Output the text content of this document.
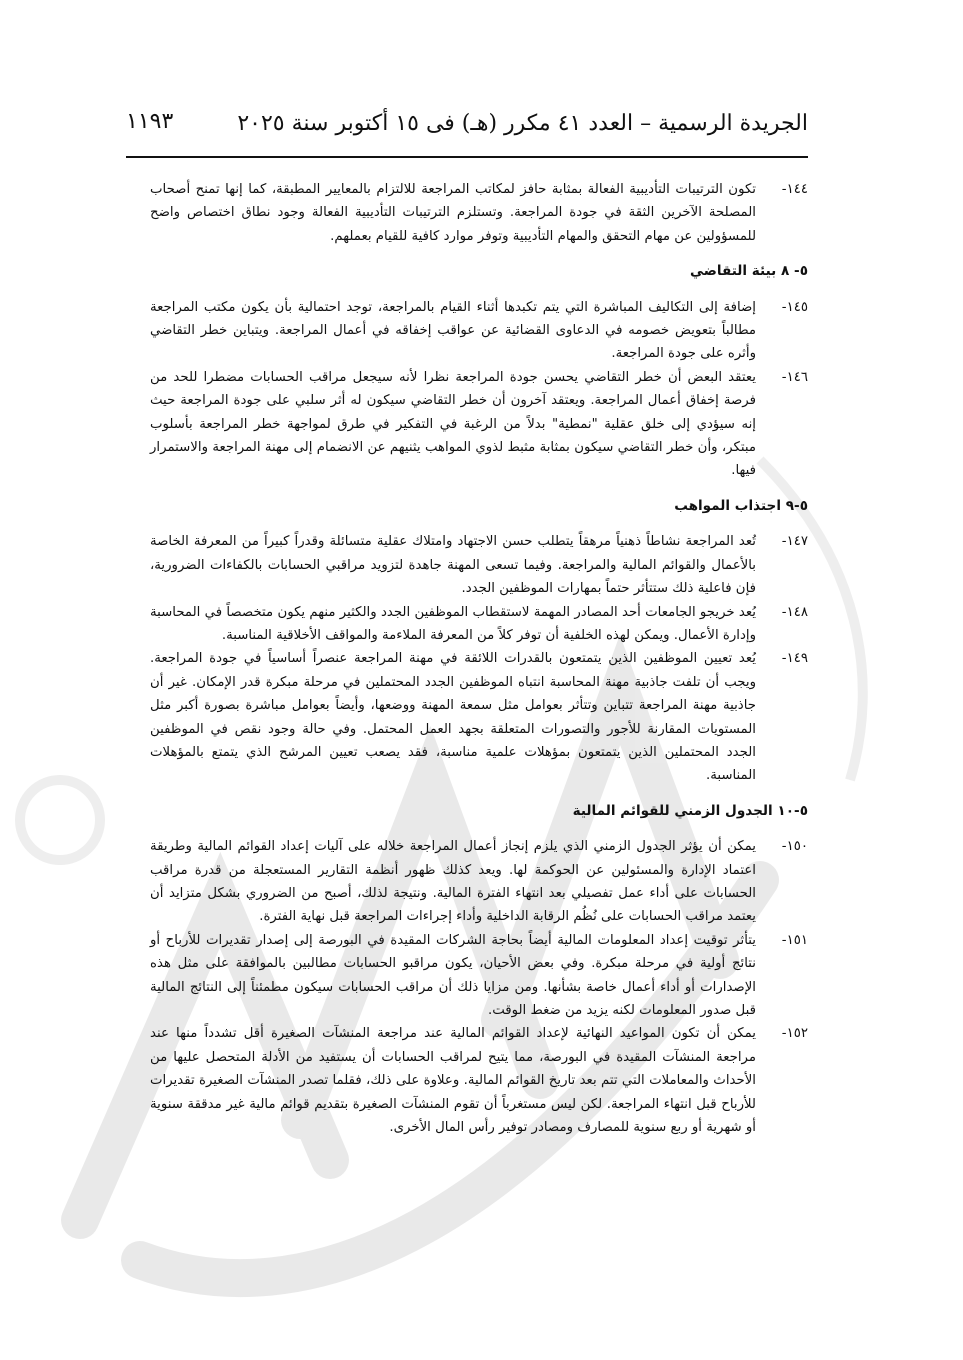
الجريدة الرسمية – العدد ٤١ مكرر (هـ) فى ١٥ أكتوبر سنة ٢٠٢٥
١١٩٣
١٤٤-
تكون الترتيبات التأديبية الفعالة بمثابة حافز لمكاتب المراجعة للالتزام بالمعايير المطبقة، كما إنها تمنح أصحاب المصلحة الآخرين الثقة في جودة المراجعة. وتستلزم الترتيبات التأديبية الفعالة وجود نطاق اختصاص واضح للمسؤولين عن مهام التحقق والمهام التأديبية وتوفر موارد كافية للقيام بعملهم.
٥- ٨ بيئة التقاضي
١٤٥-
إضافة إلى التكاليف المباشرة التي يتم تكبدها أثناء القيام بالمراجعة، توجد احتمالية بأن يكون مكتب المراجعة مطالباً بتعويض خصومه في الدعاوى القضائية عن عواقب إخفاقه في أعمال المراجعة. ويتباين خطر التقاضي وأثره على جودة المراجعة.
١٤٦-
يعتقد البعض أن خطر التقاضي يحسن جودة المراجعة نظرا لأنه سيجعل مراقب الحسابات مضطرا للحد من فرصة إخفاق أعمال المراجعة. ويعتقد آخرون أن خطر التقاضي سيكون له أثر سلبي على جودة المراجعة حيث إنه سيؤدي إلى خلق عقلية "نمطية" بدلاً من الرغبة في التفكير في طرق لمواجهة خطر المراجعة بأسلوب مبتكر، وأن خطر التقاضي سيكون بمثابة مثبط لذوي المواهب يثنيهم عن الانضمام إلى مهنة المراجعة والاستمرار فيها.
٥-٩ اجتذاب المواهب
١٤٧-
تُعد المراجعة نشاطاً ذهنياً مرهقاً يتطلب حسن الاجتهاد وامتلاك عقلية متسائلة وقدراً كبيراً من المعرفة الخاصة بالأعمال والقوائم المالية والمراجعة. وفيما تسعى المهنة جاهدة لتزويد مراقبي الحسابات بالكفاءات الضرورية، فإن فاعلية ذلك ستتأثر حتماً بمهارات الموظفين الجدد.
١٤٨-
يُعد خريجو الجامعات أحد المصادر المهمة لاستقطاب الموظفين الجدد والكثير منهم يكون متخصصاً في المحاسبة وإدارة الأعمال. ويمكن لهذه الخلفية أن توفر كلاً من المعرفة الملاءمة والمواقف الأخلاقية المناسبة.
١٤٩-
يُعد تعيين الموظفين الذين يتمتعون بالقدرات اللائقة في مهنة المراجعة عنصراً أساسياً في جودة المراجعة. ويجب أن تلفت جاذبية مهنة المحاسبة انتباه الموظفين الجدد المحتملين في مرحلة مبكرة قدر الإمكان. غير أن جاذبية مهنة المراجعة تتباين وتتأثر بعوامل مثل سمعة المهنة ووضعها، وأيضاً بعوامل مباشرة بصورة أكبر مثل المستويات المقارنة للأجور والتصورات المتعلقة بجهد العمل المحتمل. وفي حالة وجود نقص في الموظفين الجدد المحتملين الذين يتمتعون بمؤهلات علمية مناسبة، فقد يصعب تعيين المرشح الذي يتمتع بالمؤهلات المناسبة.
٥-١٠ الجدول الزمني للقوائم المالية
١٥٠-
يمكن أن يؤثر الجدول الزمني الذي يلزم إنجاز أعمال المراجعة خلاله على آليات إعداد القوائم المالية وطريقة اعتماد الإدارة والمسئولين عن الحوكمة لها. ويعد كذلك ظهور أنظمة التقارير المستعجلة من قدرة مراقب الحسابات على أداء عمل تفصيلي بعد انتهاء الفترة المالية. ونتيجة لذلك، أصبح من الضروري بشكل متزايد أن يعتمد مراقب الحسابات على نُظُم الرقابة الداخلية وأداء إجراءات المراجعة قبل نهاية الفترة.
١٥١-
يتأثر توقيت إعداد المعلومات المالية أيضاً بحاجة الشركات المقيدة في البورصة إلى إصدار تقديرات للأرباح أو نتائج أولية في مرحلة مبكرة. وفي بعض الأحيان، يكون مراقبو الحسابات مطالبين بالموافقة على مثل هذه الإصدارات أو أداء أعمال خاصة بشأنها. ومن مزايا ذلك أن مراقب الحسابات سيكون مطمئناً إلى النتائج المالية قبل صدور المعلومات لكنه يزيد من ضغط الوقت.
١٥٢-
يمكن أن تكون المواعيد النهائية لإعداد القوائم المالية عند مراجعة المنشآت الصغيرة أقل تشدداً منها عند مراجعة المنشآت المقيدة في البورصة، مما يتيح لمراقب الحسابات أن يستفيد من الأدلة المتحصل عليها من الأحداث والمعاملات التي تتم بعد تاريخ القوائم المالية. وعلاوة على ذلك، فقلما تصدر المنشآت الصغيرة تقديرات للأرباح قبل انتهاء المراجعة. لكن ليس مستغرباً أن تقوم المنشآت الصغيرة بتقديم قوائم مالية غير مدققة سنوية أو شهرية أو ربع سنوية للمصارف ومصادر توفير رأس المال الأخرى.
